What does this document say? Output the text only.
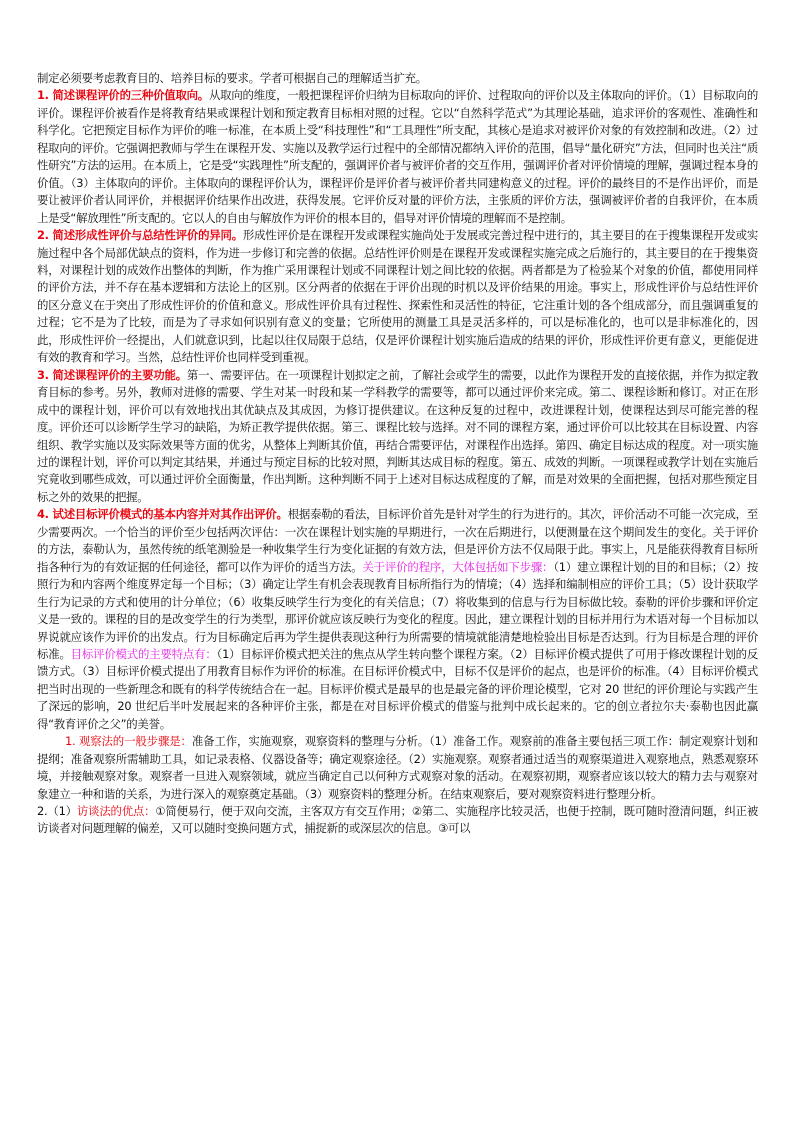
制定必须要考虑教育目的、培养目标的要求。学者可根据自己的理解适当扩充。

1. 简述课程评价的三种价值取向。从取向的维度，一般把课程评价归纳为目标取向的评价、过程取向的评价以及主体取向的评价。（1）目标取向的评价。课程评价被看作是将教育结果或课程计划和预定教育目标相对照的过程。它以“自然科学范式”为其理论基础，追求评价的客观性、准确性和科学化。它把预定目标作为评价的唯一标准，在本质上受“科技理性”和“工具理性”所支配，其核心是追求对被评价对象的有效控制和改进。（2）过程取向的评价。它强调把教师与学生在课程开发、实施以及教学运行过程中的全部情况都纳入评价的范围，倡导“量化研究”方法，但同时也关注“质性研究”方法的运用。在本质上，它是受“实践理性”所支配的，强调评价者与被评价者的交互作用，强调评价者对评价情境的理解，强调过程本身的价值。（3）主体取向的评价。主体取向的课程评价认为，课程评价是评价者与被评价者共同建构意义的过程。评价的最终目的不是作出评价，而是要让被评价者认同评价，并根据评价结果作出改进，获得发展。它评价反对量的评价方法，主张质的评价方法，强调被评价者的自我评价，在本质上是受“解放理性”所支配的。它以人的自由与解放作为评价的根本目的，倡导对评价情境的理解而不是控制。

2. 简述形成性评价与总结性评价的异同。形成性评价是在课程开发或课程实施尚处于发展或完善过程中进行的，其主要目的在于搜集课程开发或实施过程中各个局部优缺点的资料，作为进一步修订和完善的依据。总结性评价则是在课程开发或课程实施完成之后施行的，其主要目的在于搜集资料，对课程计划的成效作出整体的判断，作为推广采用课程计划或不同课程计划之间比较的依据。两者都是为了检验某个对象的价值，都使用同样的评价方法，并不存在基本逻辑和方法论上的区别。区分两者的依据在于评价出现的时机以及评价结果的用途。事实上，形成性评价与总结性评价的区分意义在于突出了形成性评价的价值和意义。形成性评价具有过程性、探索性和灵活性的特征，它注重计划的各个组成部分，而且强调重复的过程；它不是为了比较，而是为了寻求如何识别有意义的变量；它所使用的测量工具是灵活多样的，可以是标准化的，也可以是非标准化的，因此，形成性评价一经提出，人们就意识到，比起以往仅局限于总结，仅是评价课程计划实施后造成的结果的评价，形成性评价更有意义，更能促进有效的教育和学习。当然，总结性评价也同样受到重视。

3. 简述课程评价的主要功能。第一、需要评估。在一项课程计划拟定之前，了解社会或学生的需要，以此作为课程开发的直接依据，并作为拟定教育目标的参考。另外，教师对进修的需要、学生对某一时段和某一学科教学的需要等，都可以通过评价来完成。第二、课程诊断和修订。对正在形成中的课程计划，评价可以有效地找出其优缺点及其成因，为修订提供建议。在这种反复的过程中，改进课程计划，使课程达到尽可能完善的程度。评价还可以诊断学生学习的缺陷，为矫正教学提供依据。第三、课程比较与选择。对不同的课程方案，通过评价可以比较其在目标设置、内容组织、教学实施以及实际效果等方面的优劣，从整体上判断其价值，再结合需要评估，对课程作出选择。第四、确定目标达成的程度。对一项实施过的课程计划，评价可以判定其结果，并通过与预定目标的比较对照，判断其达成目标的程度。第五、成效的判断。一项课程或教学计划在实施后究竟收到哪些成效，可以通过评价全面衡量，作出判断。这种判断不同于上述对目标达成程度的了解，而是对效果的全面把握，包括对那些预定目标之外的效果的把握。

4. 试述目标评价模式的基本内容并对其作出评价。根据泰勒的看法，目标评价首先是针对学生的行为进行的。其次，评价活动不可能一次完成，至少需要两次。一个恰当的评价至少包括两次评估：一次在课程计划实施的早期进行，一次在后期进行，以便测量在这个期间发生的变化。关于评价的方法，泰勒认为，虽然传统的纸笔测验是一种收集学生行为变化证据的有效方法，但是评价方法不仅局限于此。事实上，凡是能获得教育目标所指各种行为的有效证据的任何途径，都可以作为评价的适当方法。关于评价的程序，大体包括如下步骤：（1）建立课程计划的目的和目标；（2）按照行为和内容两个维度界定每一个目标；（3）确定让学生有机会表现教育目标所指行为的情境；（4）选择和编制相应的评价工具；（5）设计获取学生行为记录的方式和使用的计分单位；（6）收集反映学生行为变化的有关信息；（7）将收集到的信息与行为目标做比较。泰勒的评价步骤和评价定义是一致的。课程的目的是改变学生的行为类型，那评价就应该反映行为变化的程度。因此，建立课程计划的目标并用行为术语对每一个目标加以界说就应该作为评价的出发点。行为目标确定后再为学生提供表现这种行为所需要的情境就能清楚地检验出目标是否达到。行为目标是合理的评价标准。目标评价模式的主要特点有：（1）目标评价模式把关注的焦点从学生转向整个课程方案。（2）目标评价模式提供了可用于修改课程计划的反馈方式。（3）目标评价模式提出了用教育目标作为评价的标准。在目标评价模式中，目标不仅是评价的起点，也是评价的标准。（4）目标评价模式把当时出现的一些新理念和既有的科学传统结合在一起。目标评价模式是最早的也是最完备的评价理论模型，它对 20 世纪的评价理论与实践产生了深远的影响，20 世纪后半叶发展起来的各种评价主张，都是在对目标评价模式的借鉴与批判中成长起来的。它的创立者拉尔夫·泰勒也因此赢得“教育评价之父”的美誉。

1. 观察法的一般步骤是：准备工作，实施观察，观察资料的整理与分析。（1）准备工作。观察前的准备主要包括三项工作：制定观察计划和提纲；准备观察所需辅助工具，如记录表格、仪器设备等；确定观察途径。（2）实施观察。观察者通过适当的观察渠道进入观察地点，熟悉观察环境，并接触观察对象。观察者一旦进入观察领域，就应当确定自己以何种方式观察对象的活动。在观察初期，观察者应该以较大的精力去与观察对象建立一种和谐的关系，为进行深入的观察奠定基础。（3）观察资料的整理分析。在结束观察后，要对观察资料进行整理分析。

2.（1）访谈法的优点：①简便易行，便于双向交流，主客双方有交互作用；②第二、实施程序比较灵活，也便于控制，既可随时澄清问题，纠正被访谈者对问题理解的偏差，又可以随时变换问题方式，捕捉新的或深层次的信息。③可以
